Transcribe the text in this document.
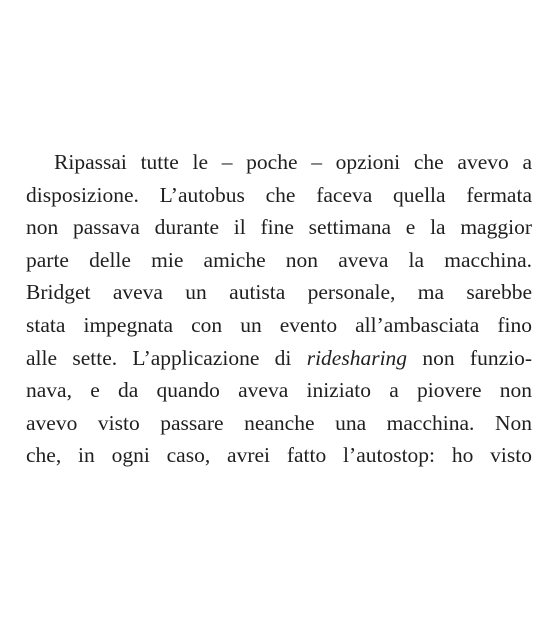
Ripassai tutte le – poche – opzioni che avevo a
disposizione. L’autobus che faceva quella fermata
non passava durante il fine settimana e la maggior
parte delle mie amiche non aveva la macchina.
Bridget aveva un autista personale, ma sarebbe
stata impegnata con un evento all’ambasciata fino
alle sette. L’applicazione di ridesharing non funzio-
nava, e da quando aveva iniziato a piovere non
avevo visto passare neanche una macchina. Non
che, in ogni caso, avrei fatto l’autostop: ho visto
